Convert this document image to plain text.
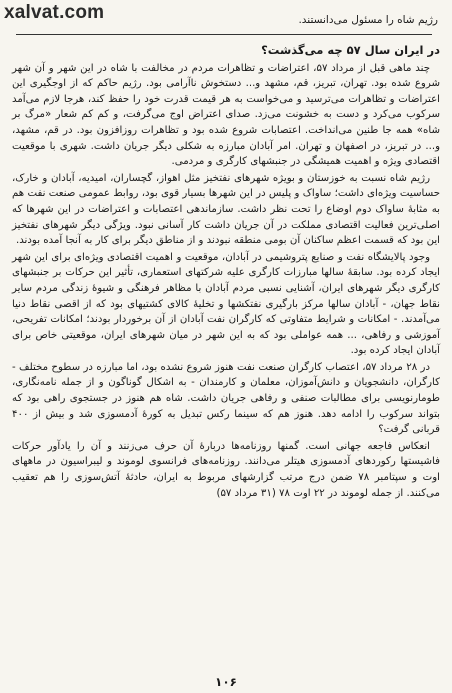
xalvat.com	رژیم شاه را مسئول می‌دانستند.
در ایران سال ۵۷ چه می‌گذشت؟

چند ماهی قبل از مرداد ۵۷، اعتراضات و تظاهرات مردم در مخالفت با شاه در این شهر و آن شهر شروع شده بود. تهران، تبریز، قم، مشهد و... دستخوش ناآرامی بود. رژیم حاکم که از اوجگیری این اعتراضات و تظاهرات می‌ترسید و می‌خواست به هر قیمت قدرت خود را حفظ کند، هرجا لازم می‌آمد سرکوب می‌کرد و دست به خشونت می‌زد. صدای اعتراض اوج می‌گرفت، و کم کم شعار «مرگ بر شاه» همه جا طنین می‌انداخت. اعتصابات شروع شده بود و تظاهرات روزافزون بود. در قم، مشهد، و... در تبریز، در اصفهان و تهران. امر آبادان مبارزه به شکلی دیگر جریان داشت. شهری با موقعیت اقتصادی ویژه و اهمیت همیشگی در جنبشهای کارگری و مردمی.

رژیم شاه نسبت به خوزستان و بویژه شهرهای نفتخیز مثل اهواز، گچساران، امیدیه، آبادان و خارک، حساسیت ویژه‌ای داشت؛ ساواک و پلیس در این شهرها بسیار قوی بود، روابط عمومی صنعت نفت هم به مثابهٔ ساواک دوم اوضاع را تحت نظر داشت. سازماندهی اعتصابات و اعتراضات در این شهرها که اصلی‌ترین فعالیت اقتصادی مملکت در آن جریان داشت کار آسانی نبود. ویژگی دیگر شهرهای نفتخیز این بود که قسمت اعظم ساکنان آن بومی منطقه نبودند و از مناطق دیگر برای کار به آنجا آمده بودند.

وجود پالایشگاه نفت و صنایع پتروشیمی در آبادان، موقعیت و اهمیت اقتصادی ویژه‌ای برای این شهر ایجاد کرده بود. سابقهٔ سالها مبارزات کارگری علیه شرکتهای استعماری، تأثیر این حرکات بر جنبشهای کارگری دیگر شهرهای ایران، آشنایی نسبی مردم آبادان با مظاهر فرهنگی و شیوهٔ زندگی مردم سایر نقاط جهان، - آبادان سالها مرکز بارگیری نفتکشها و تخلیهٔ کالای کشتیهای بود که از اقصی نقاط دنیا می‌آمدند. - امکانات و شرایط متفاوتی که کارگران نفت آبادان از آن برخوردار بودند؛ امکانات تفریحی، آموزشی و رفاهی، ... همه عواملی بود که به این شهر در میان شهرهای ایران، موقعیتی خاص برای آبادان ایجاد کرده بود.

در ۲۸ مرداد ۵۷، اعتصاب کارگران صنعت نفت هنوز شروع نشده بود، اما مبارزه در سطوح مختلف - کارگران، دانشجویان و دانش‌آموزان، معلمان و کارمندان - به اشکال گوناگون و از جمله نامه‌نگاری، طومارنویسی برای مطالبات صنفی و رفاهی جریان داشت. شاه هم هنوز در جستجوی راهی بود که بتواند سرکوب را ادامه دهد. هنوز هم که سینما رکس تبدیل به کورهٔ آدمسوزی شد و بیش از ۴۰۰ قربانی گرفت؟

انعکاس فاجعه جهانی است. گمنها روزنامه‌ها دربارهٔ آن حرف می‌زنند و آن را یادآور حرکات فاشیستها رکوردهای آدمسوزی هیتلر می‌دانند. روزنامه‌های فرانسوی لوموند و لیبراسیون در ماههای اوت و سپتامبر ۷۸ ضمن درج مرتب گزارشهای مربوط به ایران، حادثهٔ آتش‌سوزی را هم تعقیب می‌کنند. از جمله لوموند در ۲۲ اوت ۷۸ (۳۱ مرداد ۵۷)

۱۰۶
